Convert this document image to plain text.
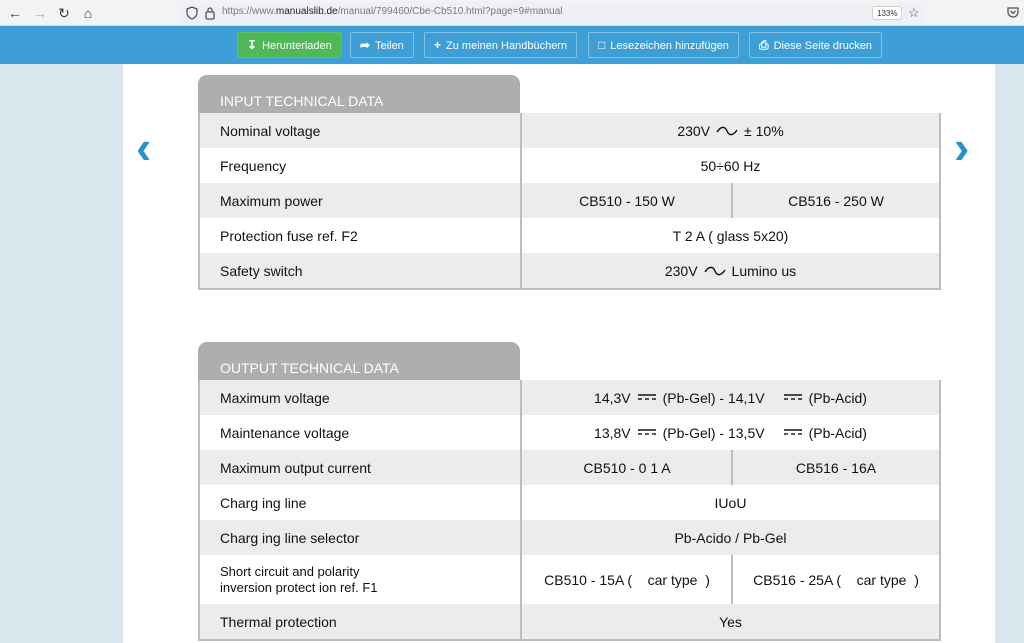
← → ↻ ⌂	https://www.manualslib.de/manual/799460/Cbe-Cb510.html?page=9#manual	133% ☆
↧ Herunterladen	➦ Teilen	+ Zu meinen Handbüchern	□ Lesezeichen hinzufügen	⎙ Diese Seite drucken
‹	›
INPUT TECHNICAL DATA
Nominal voltage	230V ± 10%
Frequency	50÷60 Hz
Maximum power	CB510 - 150 W	CB516 - 250 W
Protection fuse ref. F2	T 2 A ( glass 5x20)
Safety switch	230V Lumino us
OUTPUT TECHNICAL DATA
Maximum voltage	14,3V (Pb-Gel) - 14,1V	(Pb-Acid)
Maintenance voltage	13,8V (Pb-Gel) - 13,5V	(Pb-Acid)
Maximum output current	CB510 - 0 1 A	CB516 - 16A
Charg ing line	IUoU
Charg ing line selector	Pb-Acido / Pb-Gel
Short circuit and polarity
inversion protect ion ref. F1	CB510 - 15A (    car type  )	CB516 - 25A (    car type  )
Thermal protection	Yes
